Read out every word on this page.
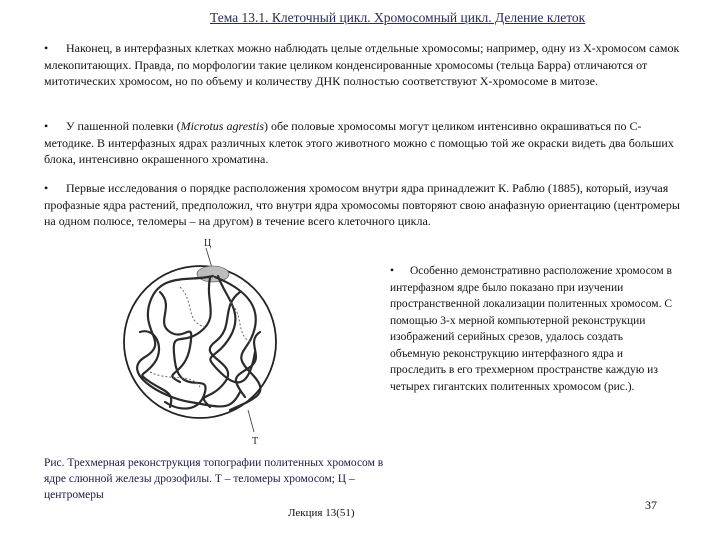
Тема 13.1. Клеточный цикл. Хромосомный цикл. Деление клеток
• Наконец, в интерфазных клетках можно наблюдать целые отдельные хромосомы; например, одну из X-хромосом самок млекопитающих. Правда, по морфологии такие целиком конденсированные хромосомы (тельца Барра) отличаются от митотических хромосом, но по объему и количеству ДНК полностью соответствуют X-хромосоме в митозе.
• У пашенной полевки (Microtus agrestis) обе половые хромосомы могут целиком интенсивно окрашиваться по C-методике. В интерфазных ядрах различных клеток этого животного можно с помощью той же окраски видеть два больших блока, интенсивно окрашенного хроматина.
• Первые исследования о порядке расположения хромосом внутри ядра принадлежит К. Раблю (1885), который, изучая профазные ядра растений, предположил, что внутри ядра хромосомы повторяют свою анафазную ориентацию (центромеры на одном полюсе, теломеры – на другом) в течение всего клеточного цикла.
• Особенно демонстративно расположение хромосом в интерфазном ядре было показано при изучении пространственной локализации политенных хромосом. С помощью 3-х мерной компьютерной реконструкции изображений серийных срезов, удалось создать объемную реконструкцию интерфазного ядра и проследить в его трехмерном пространстве каждую из четырех гигантских политенных хромосом (рис.).
Ц
Т
Рис. Трехмерная реконструкция топографии политенных хромосом в ядре слюнной железы дрозофилы. Т – теломеры хромосом; Ц – центромеры
Лекция 13(51)
37
